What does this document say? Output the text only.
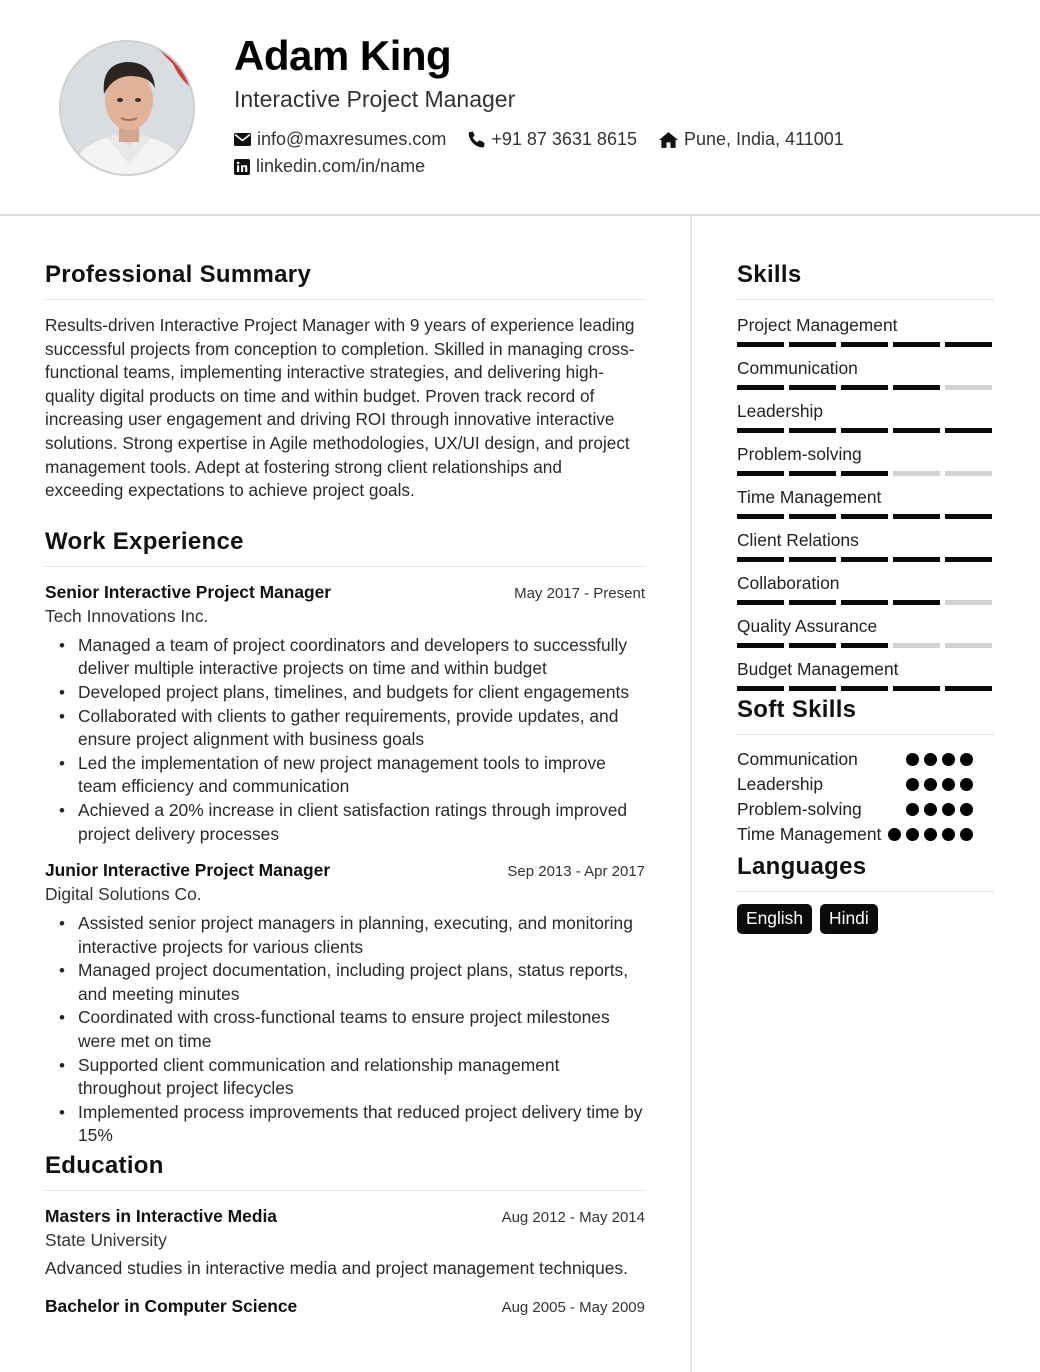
Adam King
Interactive Project Manager
info@maxresumes.com	+91 87 3631 8615	Pune, India, 411001
linkedin.com/in/name
Professional Summary

Results-driven Interactive Project Manager with 9 years of experience leading successful projects from conception to completion. Skilled in managing cross-functional teams, implementing interactive strategies, and delivering high-quality digital products on time and within budget. Proven track record of increasing user engagement and driving ROI through innovative interactive solutions. Strong expertise in Agile methodologies, UX/UI design, and project management tools. Adept at fostering strong client relationships and exceeding expectations to achieve project goals.

Work Experience
Senior Interactive Project Manager	May 2017 - Present
Tech Innovations Inc.
• Managed a team of project coordinators and developers to successfully deliver multiple interactive projects on time and within budget
• Developed project plans, timelines, and budgets for client engagements
• Collaborated with clients to gather requirements, provide updates, and ensure project alignment with business goals
• Led the implementation of new project management tools to improve team efficiency and communication
• Achieved a 20% increase in client satisfaction ratings through improved project delivery processes
Junior Interactive Project Manager	Sep 2013 - Apr 2017
Digital Solutions Co.
• Assisted senior project managers in planning, executing, and monitoring interactive projects for various clients
• Managed project documentation, including project plans, status reports, and meeting minutes
• Coordinated with cross-functional teams to ensure project milestones were met on time
• Supported client communication and relationship management throughout project lifecycles
• Implemented process improvements that reduced project delivery time by 15%
Education
Masters in Interactive Media	Aug 2012 - May 2014
State University

Advanced studies in interactive media and project management techniques.

Bachelor in Computer Science	Aug 2005 - May 2009
Skills
Project Management
Communication
Leadership
Problem-solving
Time Management
Client Relations
Collaboration
Quality Assurance
Budget Management
Soft Skills
Communication
Leadership
Problem-solving
Time Management
Languages
English	Hindi
